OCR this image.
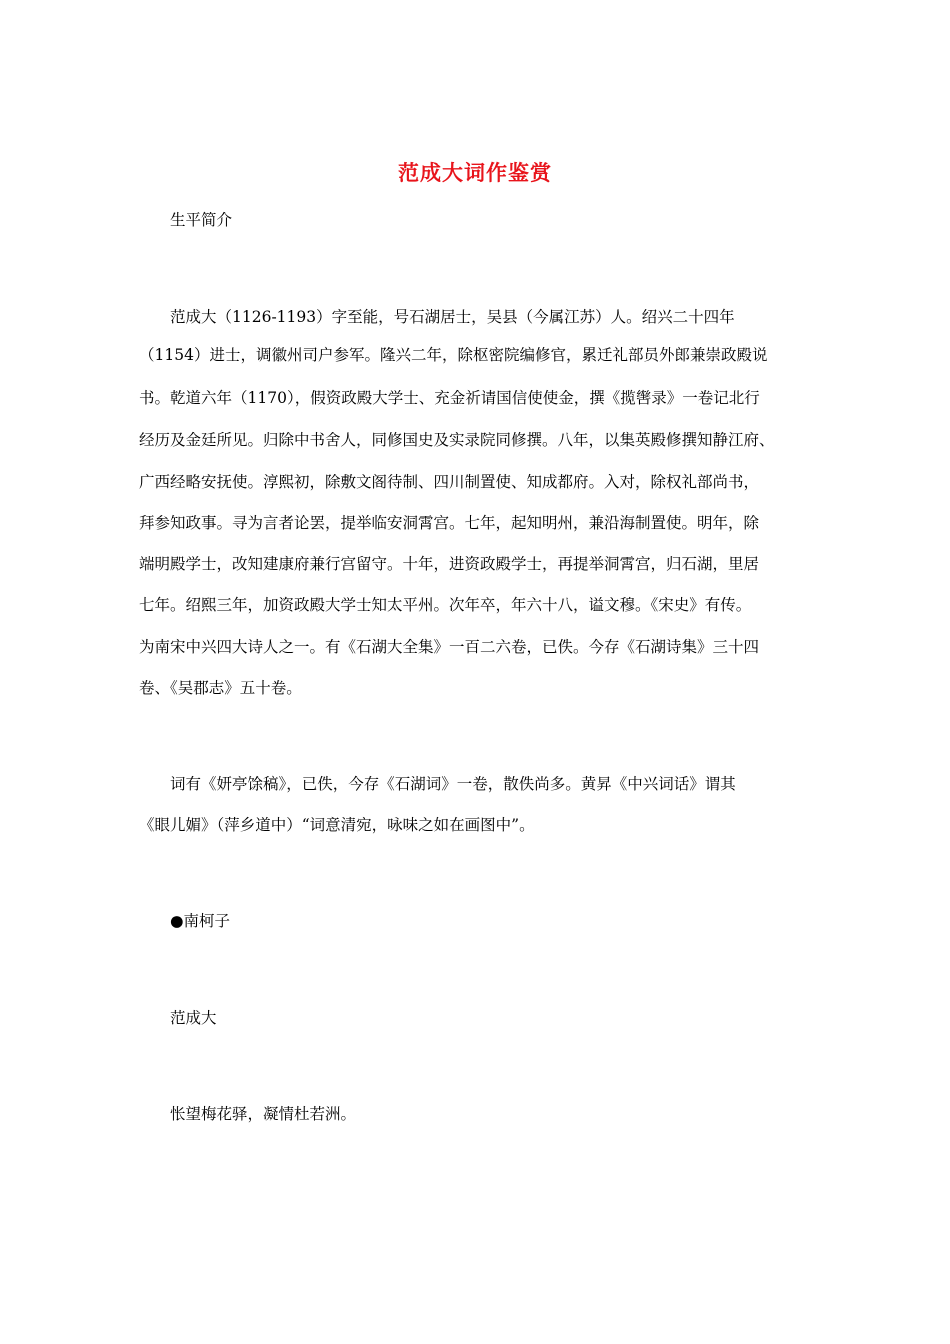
范成大词作鉴赏
生平简介
范成大（1126-1193）字至能，号石湖居士，吴县（今属江苏）人。绍兴二十四年
（1154）进士，调徽州司户参军。隆兴二年，除枢密院编修官，累迁礼部员外郎兼崇政殿说
书。乾道六年（1170），假资政殿大学士、充金祈请国信使使金，撰《揽辔录》一卷记北行
经历及金廷所见。归除中书舍人，同修国史及实录院同修撰。八年，以集英殿修撰知静江府、
广西经略安抚使。淳熙初，除敷文阁待制、四川制置使、知成都府。入对，除权礼部尚书，
拜参知政事。寻为言者论罢，提举临安洞霄宫。七年，起知明州，兼沿海制置使。明年，除
端明殿学士，改知建康府兼行宫留守。十年，进资政殿学士，再提举洞霄宫，归石湖，里居
七年。绍熙三年，加资政殿大学士知太平州。次年卒，年六十八，谥文穆。《宋史》有传。
为南宋中兴四大诗人之一。有《石湖大全集》一百二六卷，已佚。今存《石湖诗集》三十四
卷、《吴郡志》五十卷。
词有《妍亭馀稿》，已佚，今存《石湖词》一卷，散佚尚多。黄昇《中兴词话》谓其
《眼儿媚》（萍乡道中）“词意清宛，咏味之如在画图中”。
●南柯子
范成大
怅望梅花驿，凝情杜若洲。
